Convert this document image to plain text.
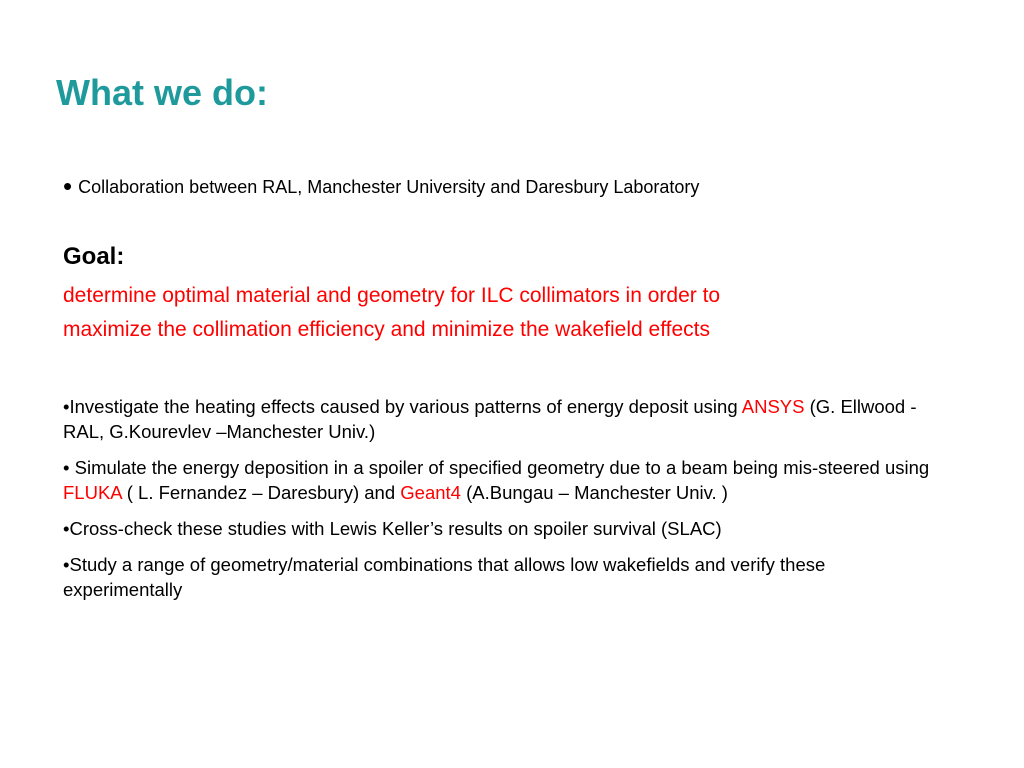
What we do:
• Collaboration between RAL, Manchester University and Daresbury Laboratory
Goal:

determine optimal material and geometry for ILC collimators in order to
maximize the collimation efficiency and minimize the wakefield effects

•Investigate the heating effects caused by various patterns of energy deposit using ANSYS (G. Ellwood -RAL, G.Kourevlev –Manchester Univ.)
• Simulate the energy deposition in a spoiler of specified geometry due to a beam being mis-steered using FLUKA ( L. Fernandez – Daresbury) and Geant4 (A.Bungau – Manchester Univ. )
•Cross-check these studies with Lewis Keller’s results on spoiler survival (SLAC)
•Study a range of geometry/material combinations that allows low wakefields and verify these experimentally
